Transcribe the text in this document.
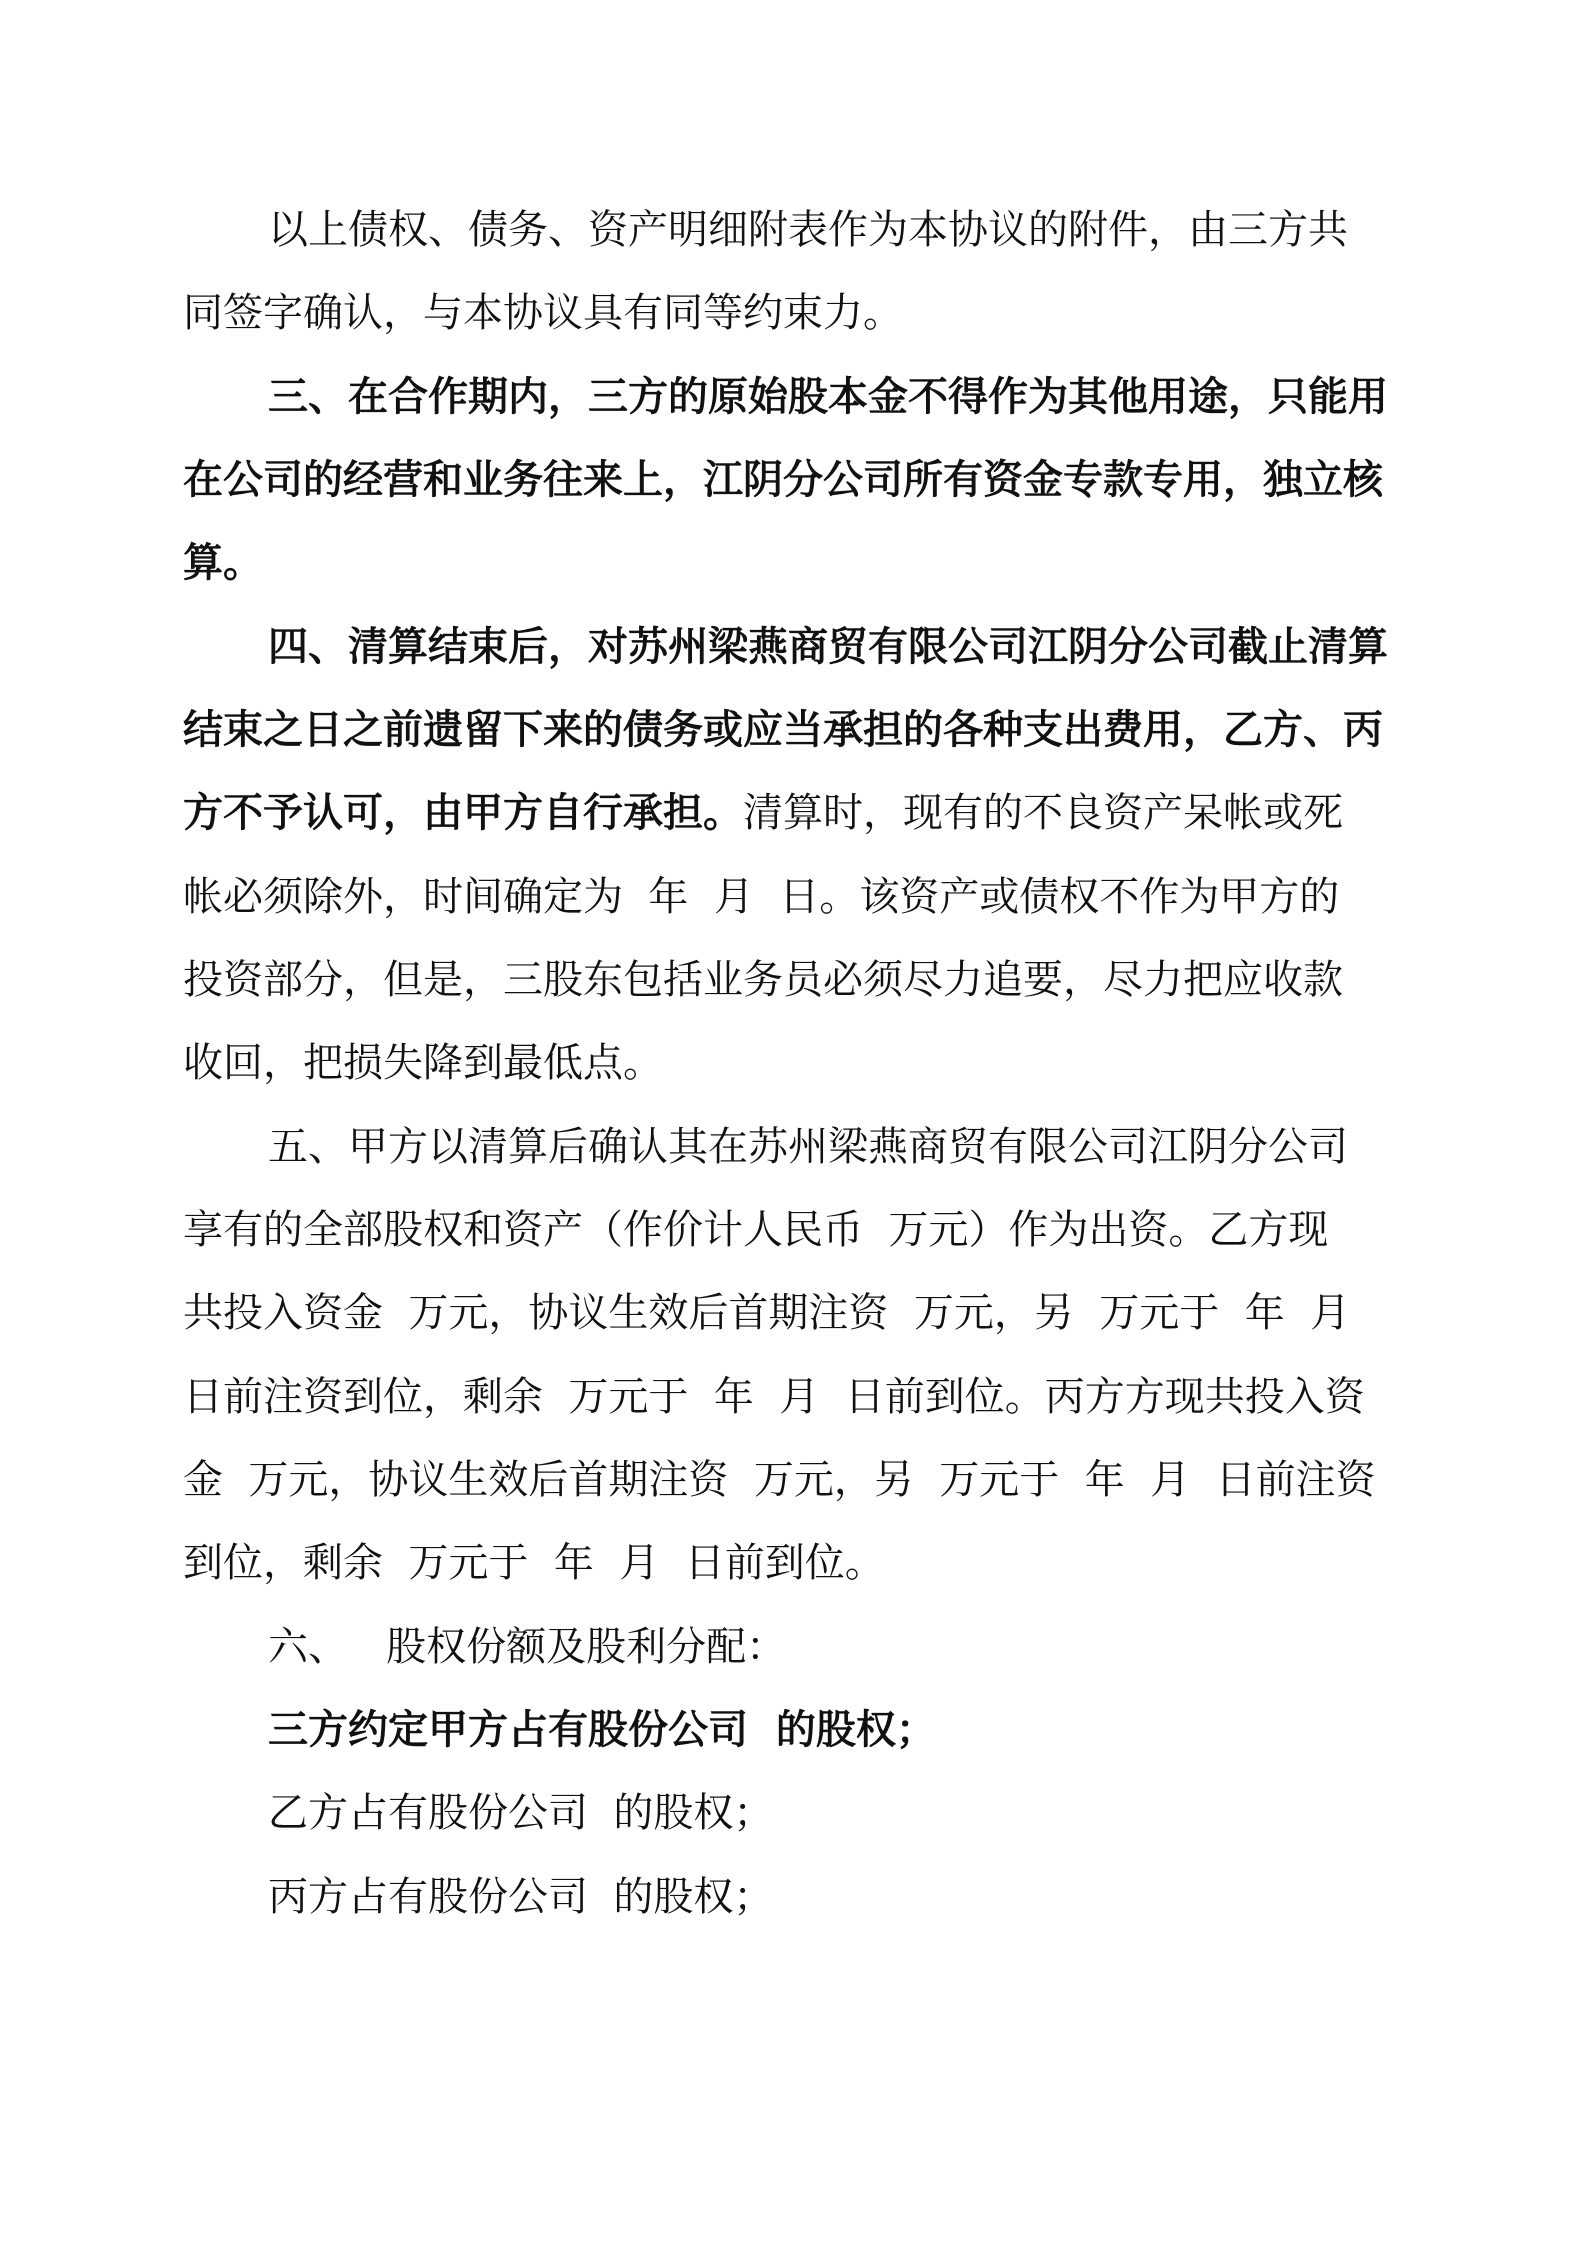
以上债权、债务、资产明细附表作为本协议的附件，由三方共

同签字确认，与本协议具有同等约束力。

三、在合作期内，三方的原始股本金不得作为其他用途，只能用

在公司的经营和业务往来上，江阴分公司所有资金专款专用，独立核

算。

四、清算结束后，对苏州梁燕商贸有限公司江阴分公司截止清算

结束之日之前遗留下来的债务或应当承担的各种支出费用，乙方、丙

方不予认可，由甲方自行承担。 清算时，现有的不良资产呆帐或死

帐必须除外，时间确定为  年  月  日。该资产或债权不作为甲方的

投资部分，但是，三股东包括业务员必须尽力追要，尽力把应收款

收回，把损失降到最低点。

五、甲方以清算后确认其在苏州梁燕商贸有限公司江阴分公司

享有的全部股权和资产（作价计人民币  万元）作为出资。乙方现

共投入资金  万元，协议生效后首期注资  万元，另  万元于  年  月

日前注资到位，剩余  万元于  年  月  日前到位。丙方方现共投入资

金  万元，协议生效后首期注资  万元，另  万元于  年  月  日前注资

到位，剩余  万元于  年  月  日前到位。

六、   股权份额及股利分配：

三方约定甲方占有股份公司  的股权；

乙方占有股份公司  的股权；

丙方占有股份公司  的股权；
